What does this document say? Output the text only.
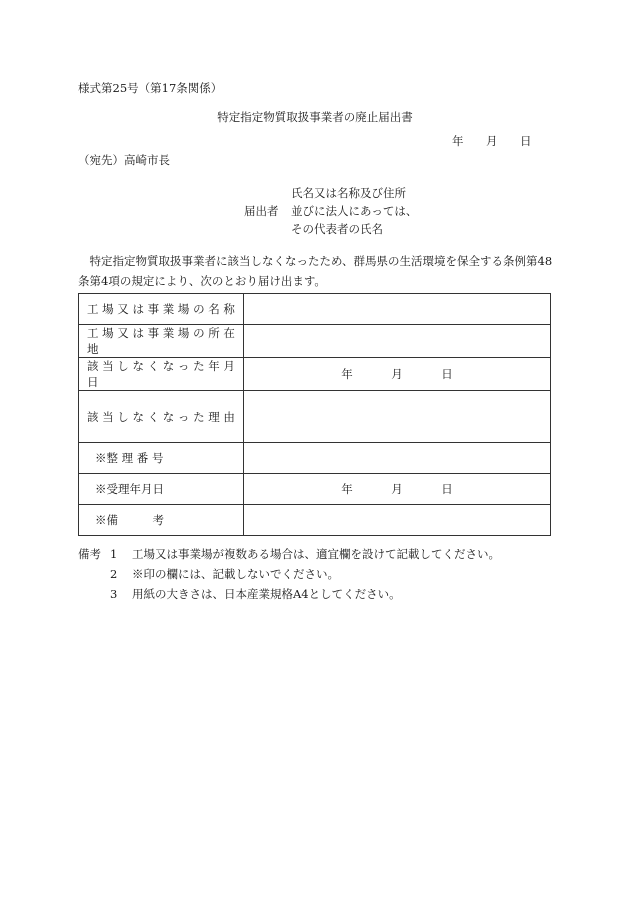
様式第25号（第17条関係）
特定指定物質取扱事業者の廃止届出書
年 月 日
（宛先）高崎市長
届出者
氏名又は名称及び住所
並びに法人にあっては、
その代表者の氏名
特定指定物質取扱事業者に該当しなくなったため、群馬県の生活環境を保全する条例第48条第4項の規定により、次のとおり届け出ます。
工 場 又 は 事 業 場 の 名 称	
工 場 又 は 事 業 場 の 所 在 地	
該 当 し な く な っ た 年 月 日	年 月 日

該 当 し な く な っ た 理 由	
※整 理 番 号	
※受理年月日	年 月 日

※備　　　考	
備考 1	工場又は事業場が複数ある場合は、適宜欄を設けて記載してください。
2	※印の欄には、記載しないでください。
3	用紙の大きさは、日本産業規格A4としてください。
